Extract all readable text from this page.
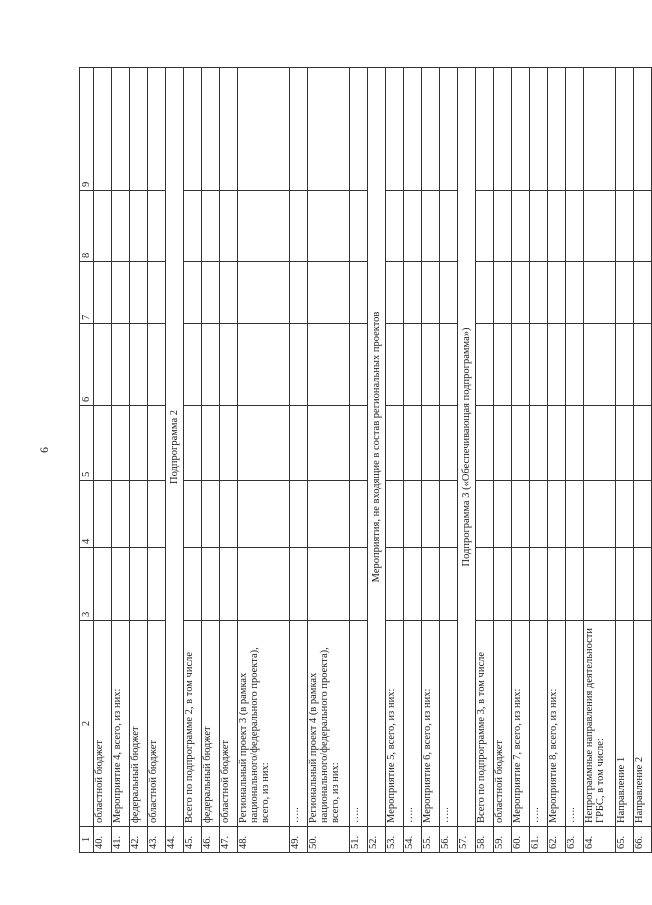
6
1	2	3	4	5	6	7	8	9
40.	областной бюджет							
41.	Мероприятие 4, всего, из них:							
42.	федеральный бюджет							
43.	областной бюджет							
44.	Подпрограмма 2							
45.	Всего по подпрограмме 2, в том числе							
46.	федеральный бюджет							
47.	областной бюджет							
48.	Региональный проект 3 (в рамках национального/федерального проекта), всего, из них:							
49.	…..							
50.	Региональный проект 4 (в рамках национального/федерального проекта), всего, из них:							
51.	…..							
52.	Мероприятия, не входящие в состав региональных проектов							
53.	Мероприятие 5, всего, из них:							
54.	…..							
55.	Мероприятие 6, всего, из них:							
56.	…..							
57.	Подпрограмма 3 («Обеспечивающая подпрограмма»)							
58.	Всего по подпрограмме 3, в том числе							
59.	областной бюджет							
60.	Мероприятие 7, всего, из них:							
61.	…..							
62.	Мероприятие 8, всего, из них:							
63.	…..							
64.	Непрограммные направления деятельности ГРБС, в том числе:							
65.	Направление 1							
66.	Направление 2							
